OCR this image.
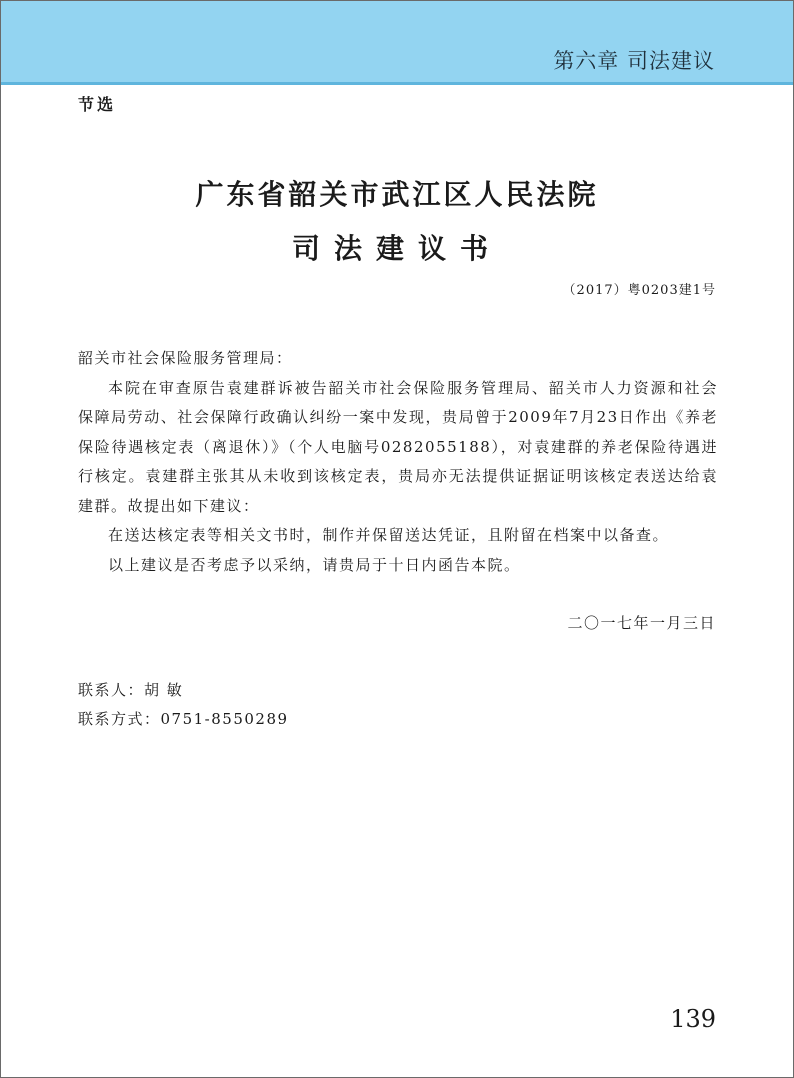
第六章 司法建议
节选
广东省韶关市武江区人民法院
司法建议书
（2017）粤0203建1号

韶关市社会保险服务管理局：

本院在审查原告袁建群诉被告韶关市社会保险服务管理局、韶关市人力资源和社会保障局劳动、社会保障行政确认纠纷一案中发现，贵局曾于2009年7月23日作出《养老保险待遇核定表（离退休）》（个人电脑号0282055188），对袁建群的养老保险待遇进行核定。袁建群主张其从未收到该核定表，贵局亦无法提供证据证明该核定表送达给袁建群。故提出如下建议：

在送达核定表等相关文书时，制作并保留送达凭证，且附留在档案中以备查。

以上建议是否考虑予以采纳，请贵局于十日内函告本院。

二〇一七年一月三日

联系人：胡 敏

联系方式：0751-8550289

139
